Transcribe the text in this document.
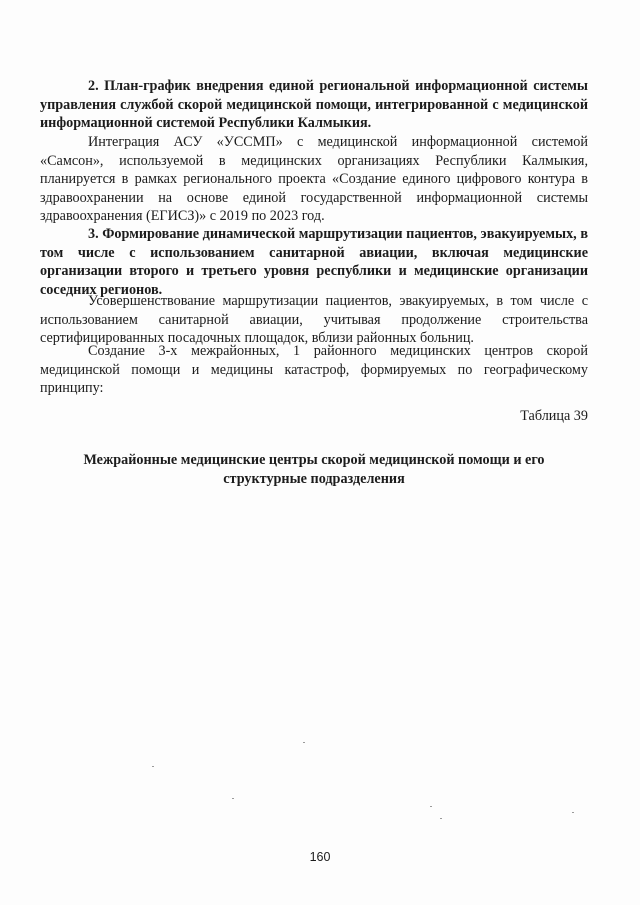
2. План-график внедрения единой региональной информационной системы управления службой скорой медицинской помощи, интегрированной с медицинской информационной системой Республики Калмыкия.

Интеграция АСУ «УССМП» с медицинской информационной системой «Самсон», используемой в медицинских организациях Республики Калмыкия, планируется в рамках регионального проекта «Создание единого цифрового контура в здравоохранении на основе единой государственной информационной системы здравоохранения (ЕГИСЗ)» с 2019 по 2023 год.

3. Формирование динамической маршрутизации пациентов, эвакуируемых, в том числе с использованием санитарной авиации, включая медицинские организации второго и третьего уровня республики и медицинские организации соседних регионов.

Усовершенствование маршрутизации пациентов, эвакуируемых, в том числе с использованием санитарной авиации, учитывая продолжение строительства сертифицированных посадочных площадок, вблизи районных больниц.

Создание 3-х межрайонных, 1 районного медицинских центров скорой медицинской помощи и медицины катастроф, формируемых по географическому принципу:

Таблица 39

Межрайонные медицинские центры скорой медицинской помощи и его структурные подразделения

160
